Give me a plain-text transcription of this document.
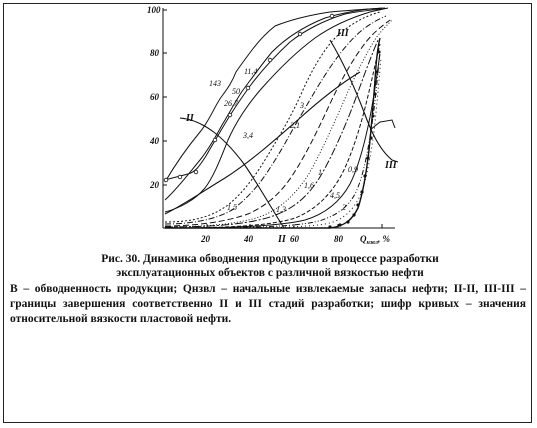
100
80
60
40
20
20	40	II 60	80 $Q_{нзвл}$, %
143
50
11,4
26,7	3
3,4
2,1
1,6
1
4,5
2
1,5	1,3
0,9
II
III
III
Рис. 30. Динамика обводнения продукции в процессе разработки
эксплуатационных объектов с различной вязкостью нефти
В – обводненность продукции; Qнзвл – начальные извлекаемые запасы нефти; II-II, III-III – границы завершения соответственно II и III стадий разработки; шифр кривых – значения относительной вязкости пластовой нефти.
